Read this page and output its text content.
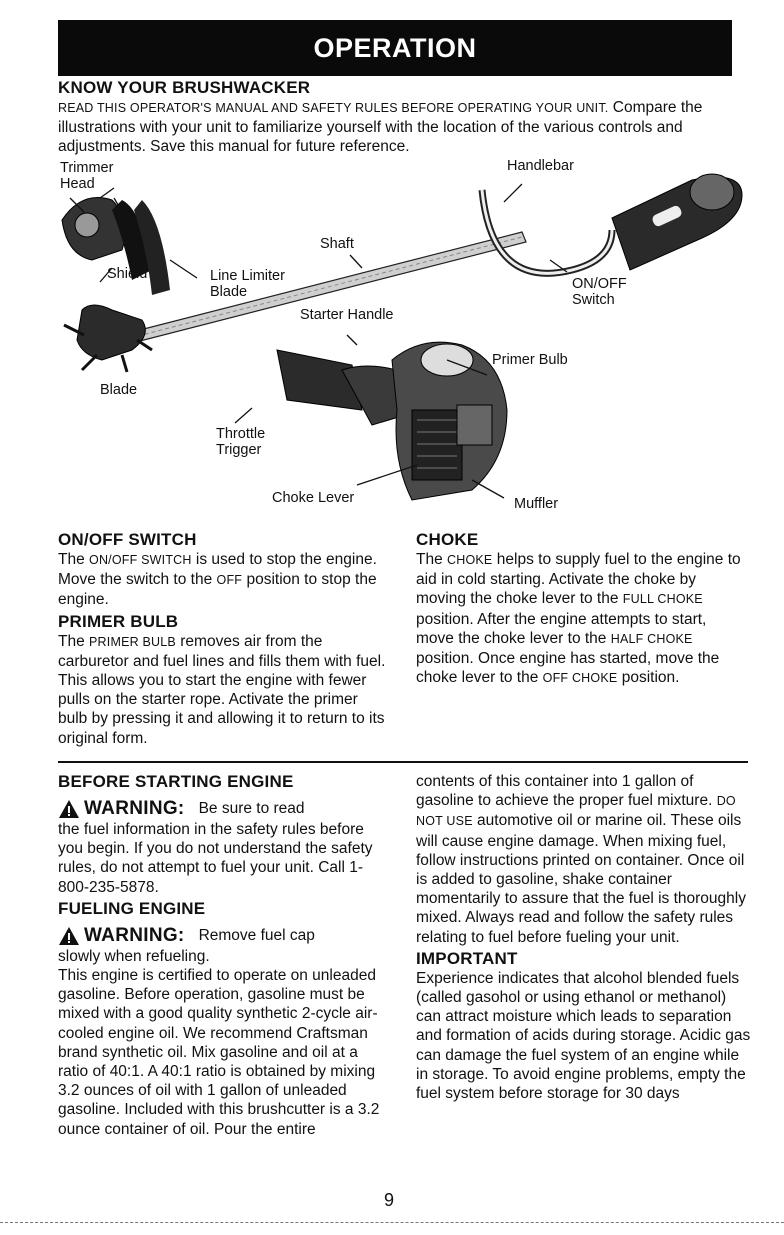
OPERATION
KNOW YOUR BRUSHWACKER

READ THIS OPERATOR'S MANUAL AND SAFETY RULES BEFORE OPERATING YOUR UNIT. Compare the illustrations with your unit to familiarize yourself with the location of the various controls and adjustments. Save this manual for future reference.

Trimmer
Head
Handlebar
Shaft
Shield	Line Limiter
Blade	ON/OFF
Switch
Starter Handle
Primer Bulb
Blade
Throttle
Trigger
Choke Lever	Muffler
ON/OFF SWITCH

The ON/OFF SWITCH is used to stop the engine. Move the switch to the OFF position to stop the engine.

PRIMER BULB

The PRIMER BULB removes air from the carburetor and fuel lines and fills them with fuel. This allows you to start the engine with fewer pulls on the starter rope. Activate the primer bulb by pressing it and allowing it to return to its original form.

CHOKE

The CHOKE helps to supply fuel to the engine to aid in cold starting. Activate the choke by moving the choke lever to the FULL CHOKE position. After the engine attempts to start, move the choke lever to the HALF CHOKE position. Once engine has started, move the choke lever to the OFF CHOKE position.

BEFORE STARTING ENGINE
WARNING: Be sure to read

the fuel information in the safety rules before you begin. If you do not understand the safety rules, do not attempt to fuel your unit. Call 1-800-235-5878.

FUELING ENGINE
WARNING: Remove fuel cap

slowly when refueling.

This engine is certified to operate on unleaded gasoline. Before operation, gasoline must be mixed with a good quality synthetic 2-cycle air-cooled engine oil. We recommend Craftsman brand synthetic oil. Mix gasoline and oil at a ratio of 40:1. A 40:1 ratio is obtained by mixing 3.2 ounces of oil with 1 gallon of unleaded gasoline. Included with this brushcutter is a 3.2 ounce container of oil. Pour the entire

contents of this container into 1 gallon of gasoline to achieve the proper fuel mixture. DO NOT USE automotive oil or marine oil. These oils will cause engine damage. When mixing fuel, follow instructions printed on container. Once oil is added to gasoline, shake container momentarily to assure that the fuel is thoroughly mixed. Always read and follow the safety rules relating to fuel before fueling your unit.

IMPORTANT

Experience indicates that alcohol blended fuels (called gasohol or using ethanol or methanol) can attract moisture which leads to separation and formation of acids during storage. Acidic gas can damage the fuel system of an engine while in storage. To avoid engine problems, empty the fuel system before storage for 30 days

9
